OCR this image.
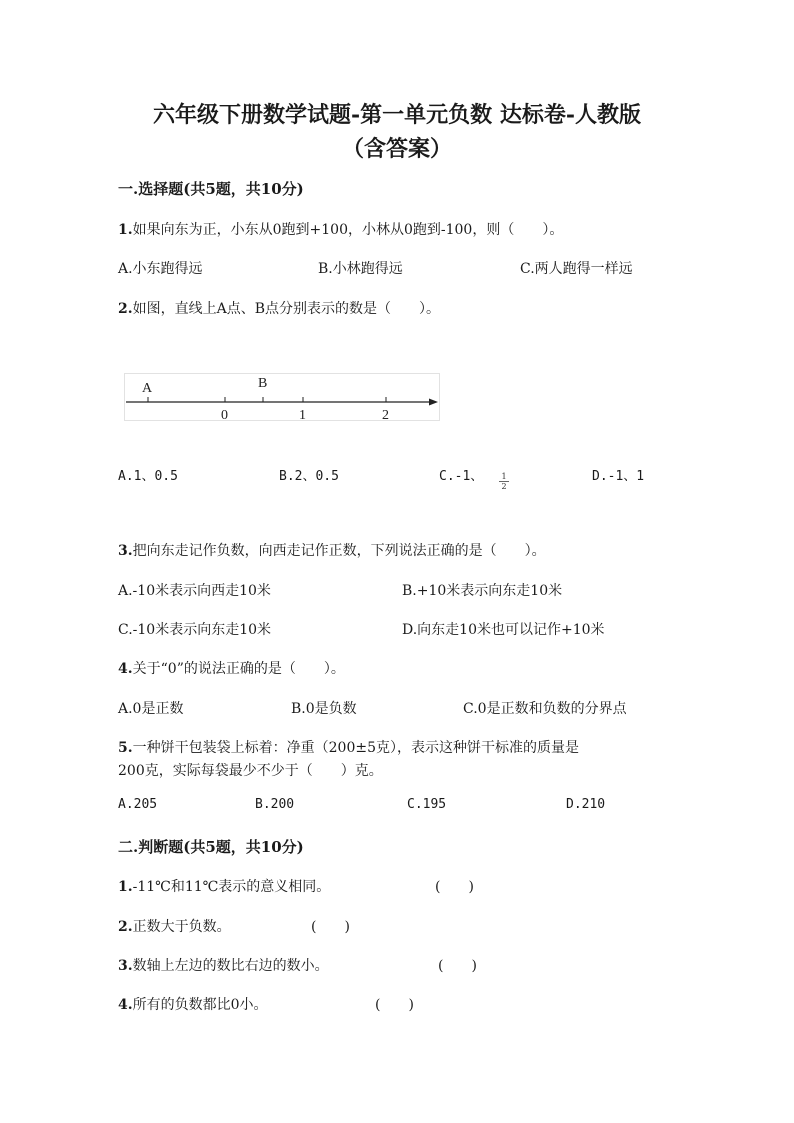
六年级下册数学试题-第一单元负数 达标卷-人教版
（含答案）
一.选择题(共5题，共10分)
1.如果向东为正，小东从0跑到+100，小林从0跑到-100，则（　　）。
A.小东跑得远	B.小林跑得远	C.两人跑得一样远
2.如图，直线上A点、B点分别表示的数是（　　）。
A	B
0	1	2
A.1、0.5	B.2、0.5	C.-1、 $\frac{1}{2}$	D.-1、1
3.把向东走记作负数，向西走记作正数，下列说法正确的是（　　）。
A.-10米表示向西走10米	B.+10米表示向东走10米
C.-10米表示向东走10米	D.向东走10米也可以记作+10米
4.关于“0”的说法正确的是（　　）。
A.0是正数	B.0是负数	C.0是正数和负数的分界点
5.一种饼干包装袋上标着：净重（200±5克），表示这种饼干标准的质量是
200克，实际每袋最少不少于（　　）克。
A.205	B.200	C.195	D.210
二.判断题(共5题，共10分)
1.-11℃和11℃表示的意义相同。	(　　)
2.正数大于负数。	(　　)
3.数轴上左边的数比右边的数小。	(　　)
4.所有的负数都比0小。	(　　)
